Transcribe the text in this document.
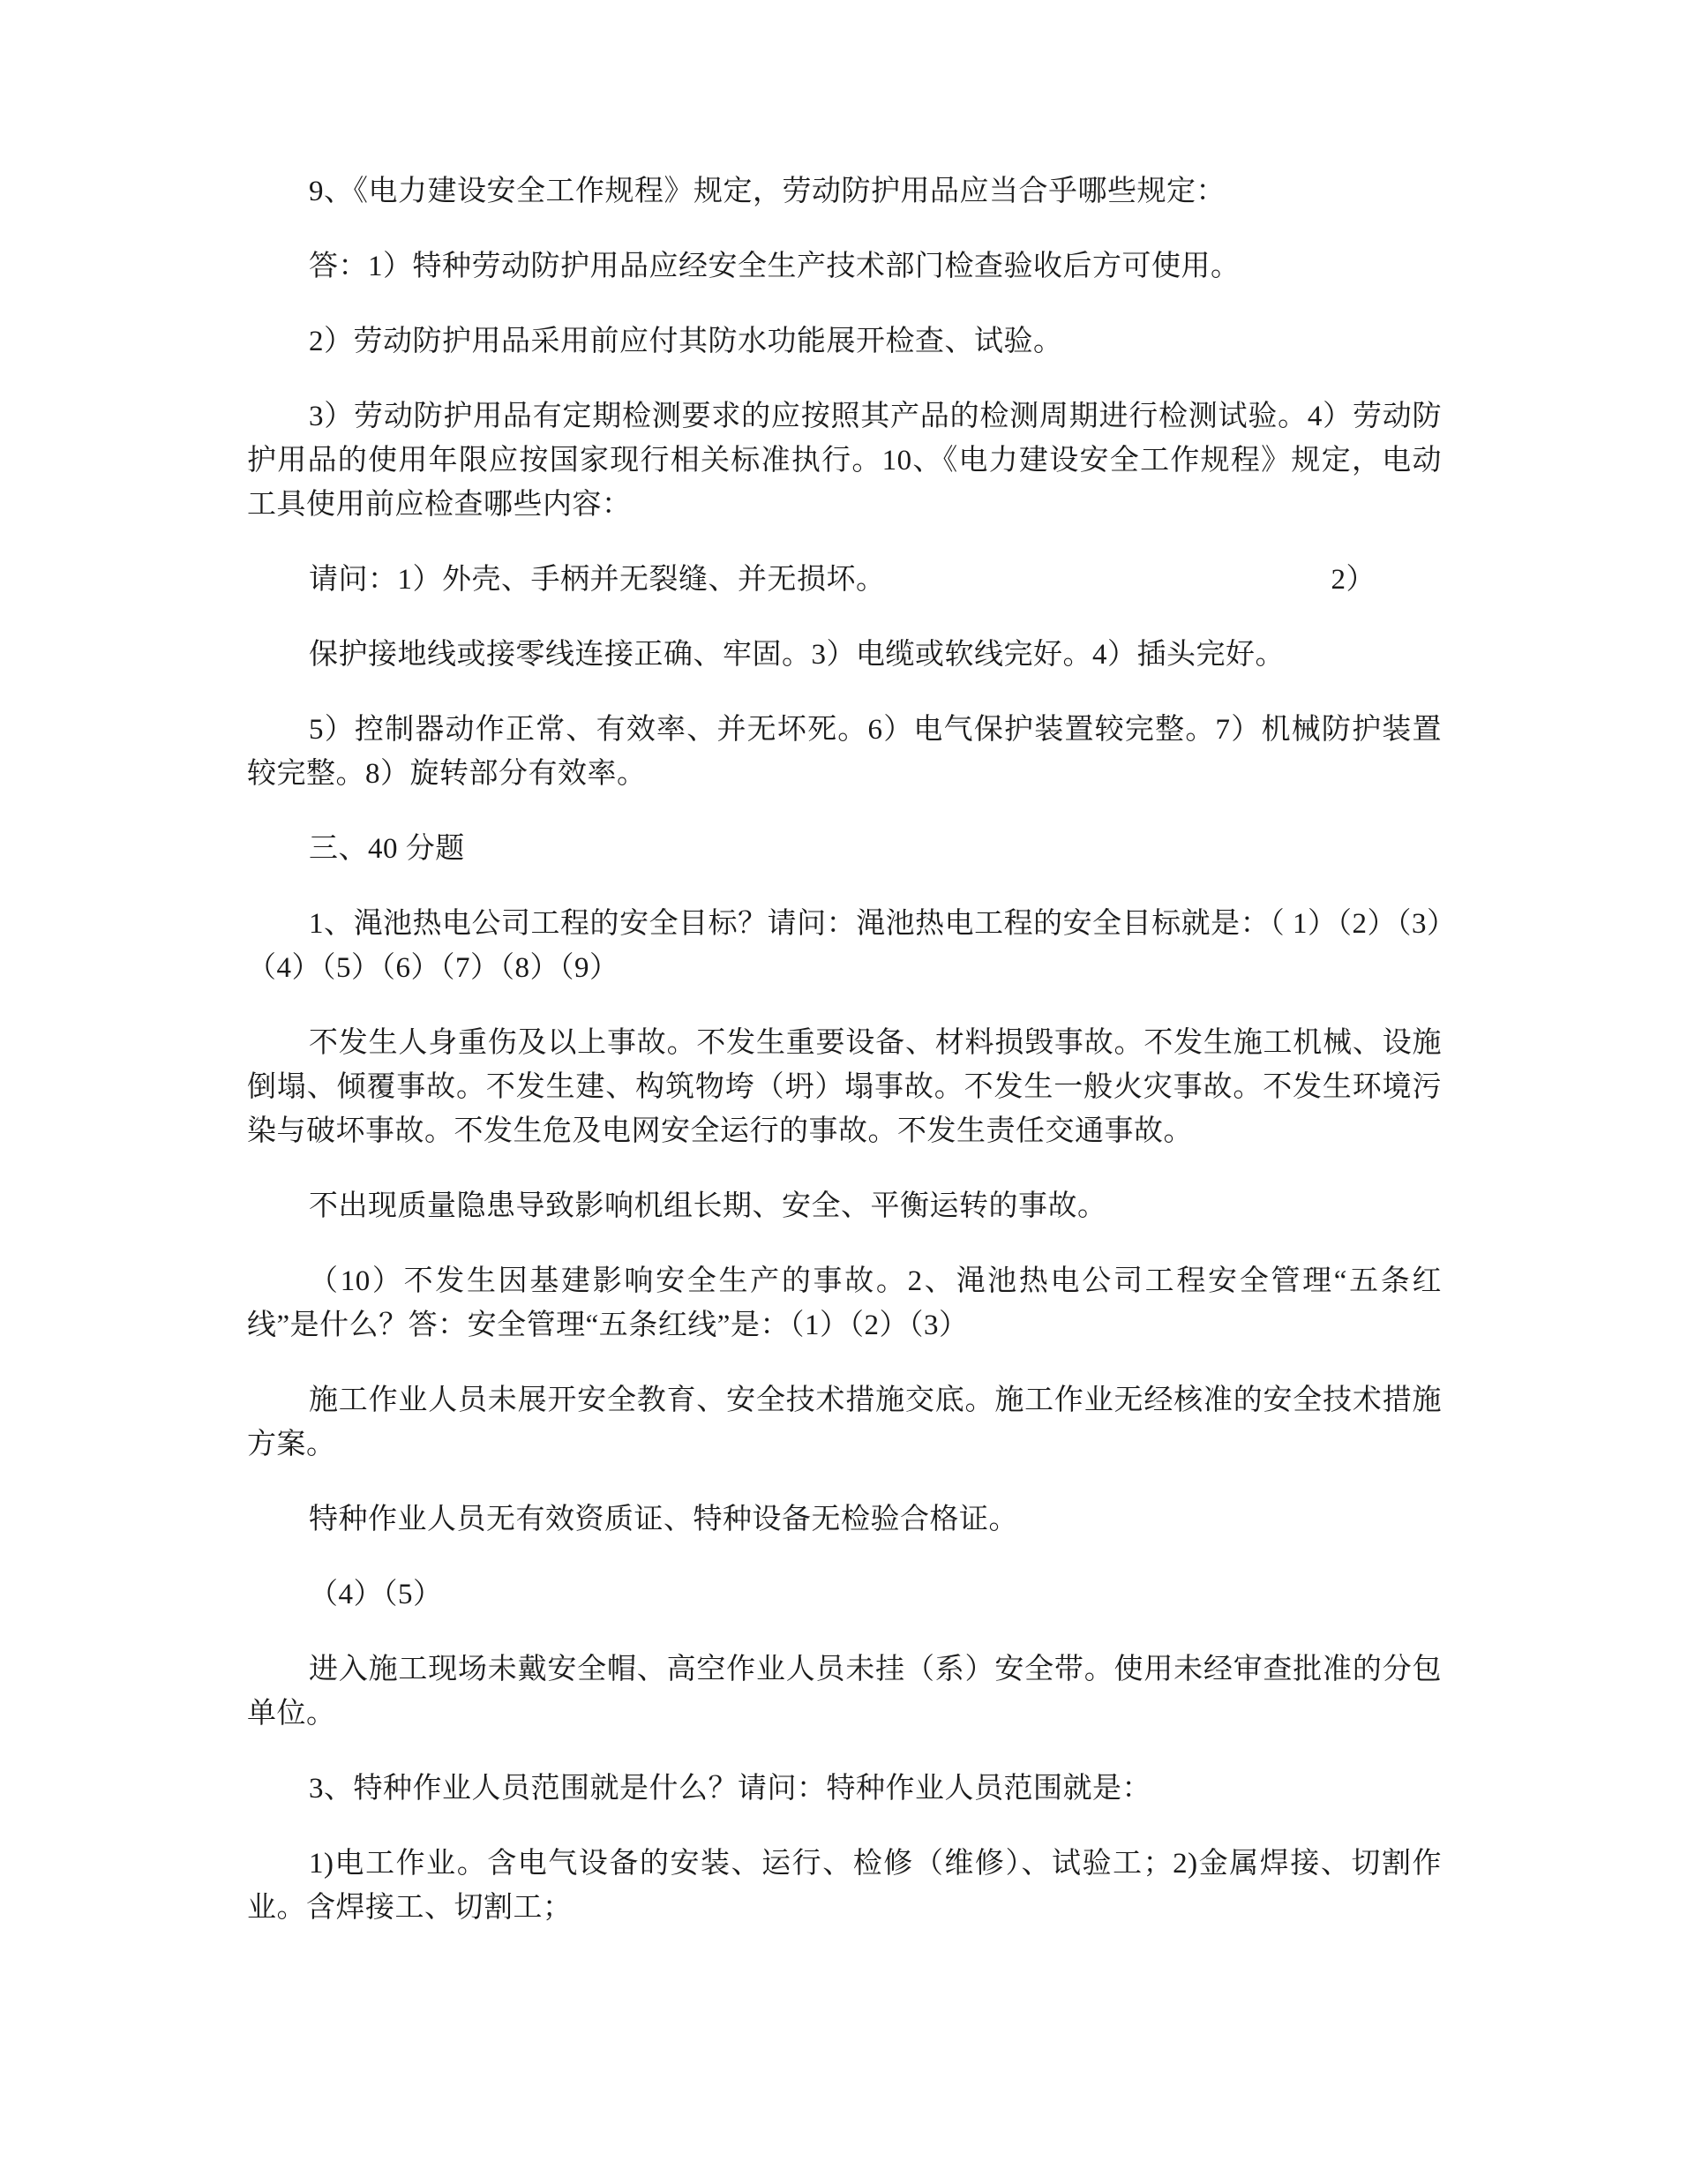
9、《电力建设安全工作规程》规定，劳动防护用品应当合乎哪些规定：

答：1）特种劳动防护用品应经安全生产技术部门检查验收后方可使用。

2）劳动防护用品采用前应付其防水功能展开检查、试验。

3）劳动防护用品有定期检测要求的应按照其产品的检测周期进行检测试验。4）劳动防护用品的使用年限应按国家现行相关标准执行。10、《电力建设安全工作规程》规定，电动工具使用前应检查哪些内容：

请问：1）外壳、手柄并无裂缝、并无损坏。	2）

保护接地线或接零线连接正确、牢固。3）电缆或软线完好。4）插头完好。

5）控制器动作正常、有效率、并无坏死。6）电气保护装置较完整。7）机械防护装置较完整。8）旋转部分有效率。

三、40 分题

1、渑池热电公司工程的安全目标？请问：渑池热电工程的安全目标就是：（ 1）（2）（3）（4）（5）（6）（7）（8）（9）

不发生人身重伤及以上事故。不发生重要设备、材料损毁事故。不发生施工机械、设施倒塌、倾覆事故。不发生建、构筑物垮（坍）塌事故。不发生一般火灾事故。不发生环境污染与破坏事故。不发生危及电网安全运行的事故。不发生责任交通事故。

不出现质量隐患导致影响机组长期、安全、平衡运转的事故。

（10）不发生因基建影响安全生产的事故。2、渑池热电公司工程安全管理“五条红线”是什么？答：安全管理“五条红线”是：（1）（2）（3）

施工作业人员未展开安全教育、安全技术措施交底。施工作业无经核准的安全技术措施方案。

特种作业人员无有效资质证、特种设备无检验合格证。

（4）（5）

进入施工现场未戴安全帽、高空作业人员未挂（系）安全带。使用未经审查批准的分包单位。

3、特种作业人员范围就是什么？请问：特种作业人员范围就是：

1)电工作业。含电气设备的安装、运行、检修（维修）、试验工；2)金属焊接、切割作业。含焊接工、切割工；
